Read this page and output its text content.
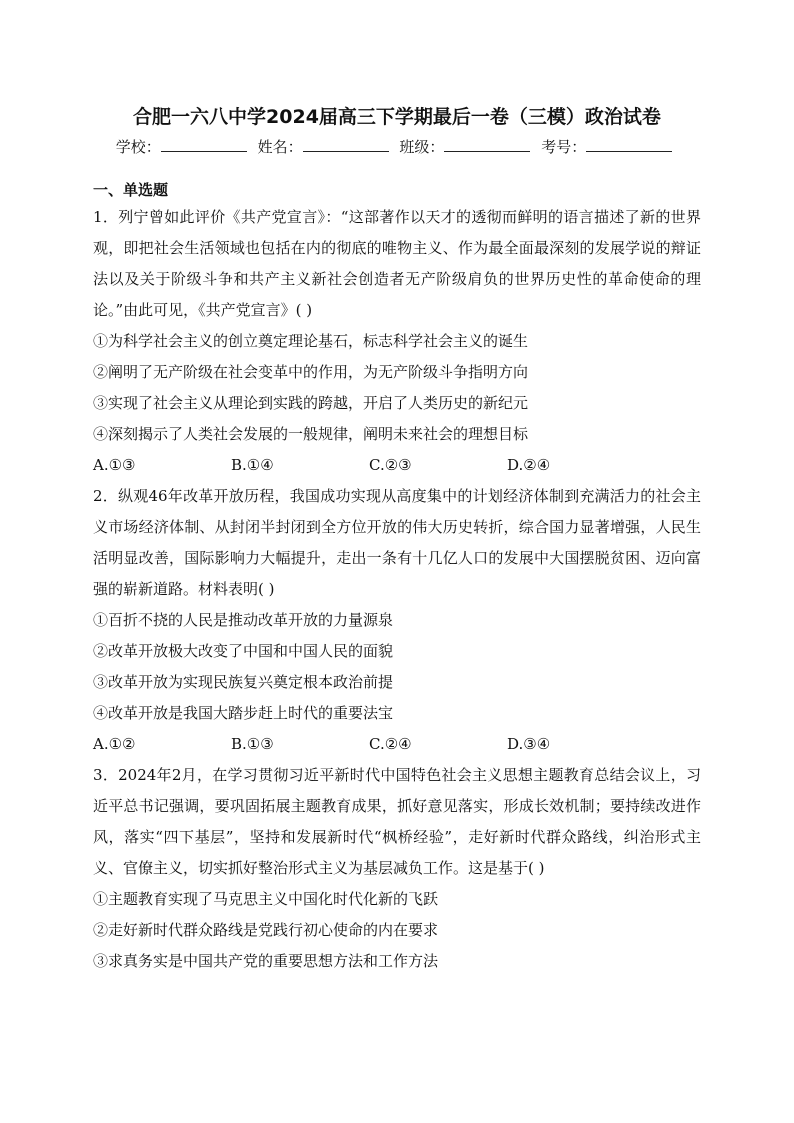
合肥一六八中学2024届高三下学期最后一卷（三模）政治试卷
学校：	姓名：	班级：	考号：
一、单选题
1．列宁曾如此评价《共产党宣言》：“这部著作以天才的透彻而鲜明的语言描述了新的世界观，即把社会生活领域也包括在内的彻底的唯物主义、作为最全面最深刻的发展学说的辩证法以及关于阶级斗争和共产主义新社会创造者无产阶级肩负的世界历史性的革命使命的理论。”由此可见，《共产党宣言》( )
①为科学社会主义的创立奠定理论基石，标志科学社会主义的诞生
②阐明了无产阶级在社会变革中的作用，为无产阶级斗争指明方向
③实现了社会主义从理论到实践的跨越，开启了人类历史的新纪元
④深刻揭示了人类社会发展的一般规律，阐明未来社会的理想目标
A.①③	B.①④	C.②③	D.②④
2．纵观46年改革开放历程，我国成功实现从高度集中的计划经济体制到充满活力的社会主义市场经济体制、从封闭半封闭到全方位开放的伟大历史转折，综合国力显著增强，人民生活明显改善，国际影响力大幅提升，走出一条有十几亿人口的发展中大国摆脱贫困、迈向富强的崭新道路。材料表明( )
①百折不挠的人民是推动改革开放的力量源泉
②改革开放极大改变了中国和中国人民的面貌
③改革开放为实现民族复兴奠定根本政治前提
④改革开放是我国大踏步赶上时代的重要法宝
A.①②	B.①③	C.②④	D.③④
3．2024年2月，在学习贯彻习近平新时代中国特色社会主义思想主题教育总结会议上，习近平总书记强调，要巩固拓展主题教育成果，抓好意见落实，形成长效机制；要持续改进作风，落实“四下基层”，坚持和发展新时代“枫桥经验”，走好新时代群众路线，纠治形式主义、官僚主义，切实抓好整治形式主义为基层减负工作。这是基于( )
①主题教育实现了马克思主义中国化时代化新的飞跃
②走好新时代群众路线是党践行初心使命的内在要求
③求真务实是中国共产党的重要思想方法和工作方法
